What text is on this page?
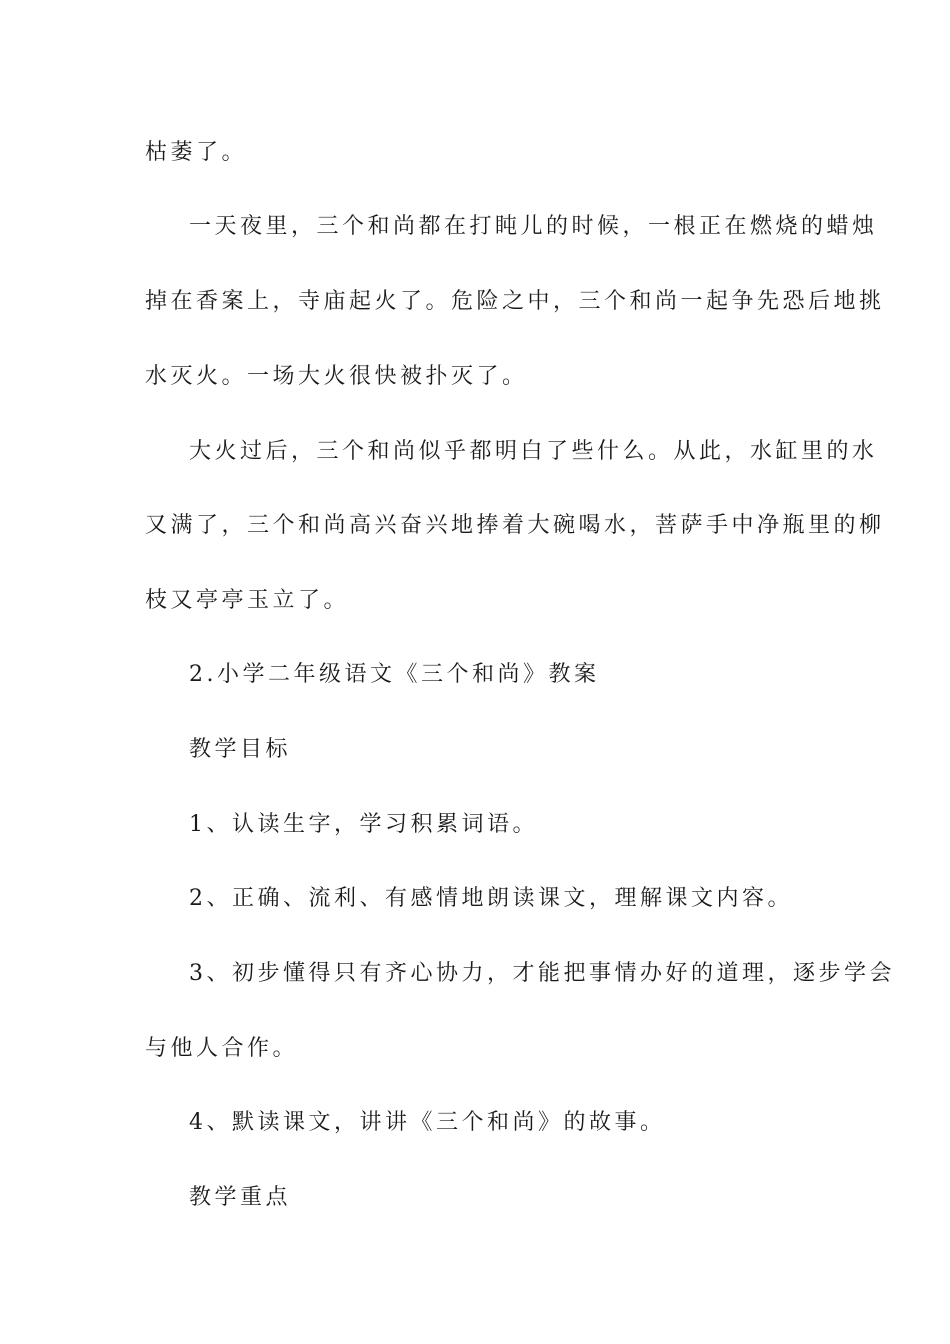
枯萎了。

一天夜里，三个和尚都在打盹儿的时候，一根正在燃烧的蜡烛

掉在香案上，寺庙起火了。危险之中，三个和尚一起争先恐后地挑

水灭火。一场大火很快被扑灭了。

大火过后，三个和尚似乎都明白了些什么。从此，水缸里的水

又满了，三个和尚高兴奋兴地捧着大碗喝水，菩萨手中净瓶里的柳

枝又亭亭玉立了。

2.小学二年级语文《三个和尚》教案

教学目标

1、认读生字，学习积累词语。

2、正确、流利、有感情地朗读课文，理解课文内容。

3、初步懂得只有齐心协力，才能把事情办好的道理，逐步学会

与他人合作。

4、默读课文，讲讲《三个和尚》的故事。

教学重点
